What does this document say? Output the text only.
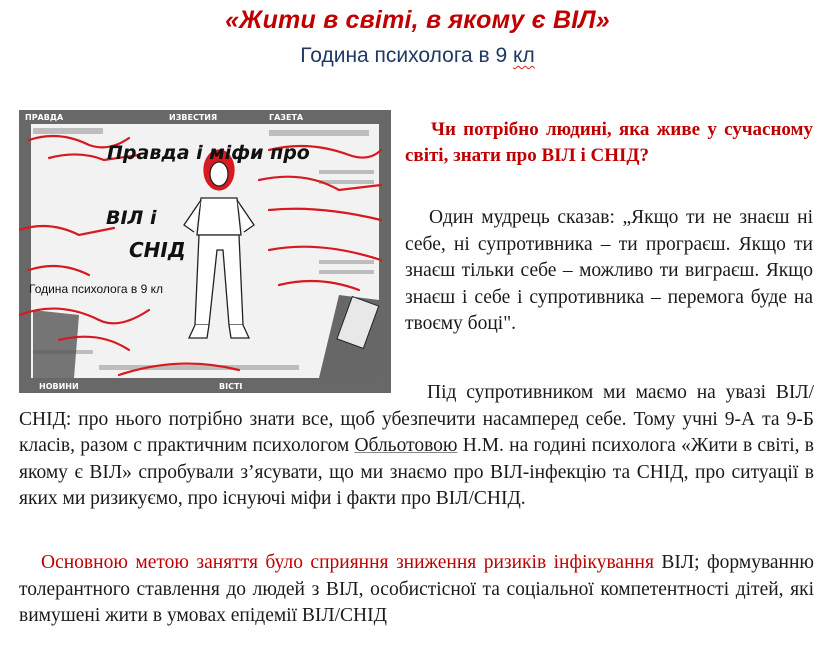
«Жити в світі, в якому є ВІЛ»
Година психолога в 9 кл
ПРАВДА	ИЗВЕСТИЯ	ГАЗЕТА
НОВИНИ	ВІСТІ
Правда і міфи про
ВІЛ і
СНІД
Година психолога в 9 кл
Чи потрібно людині, яка живе у сучасному світі, знати про ВІЛ і СНІД?
Один мудрець сказав: „Якщо ти не знаєш ні себе, ні супротивника – ти програєш. Якщо ти знаєш тільки себе – можливо ти виграєш. Якщо знаєш і себе і супротивника – перемога буде на твоєму боці".
Під супротивником ми маємо на увазі ВІЛ/СНІД: про нього потрібно знати все, щоб убезпечити насамперед себе. Тому учні 9-А та 9-Б класів, разом с практичним психологом Обльотовою Н.М. на годині психолога «Жити в світі, в якому є ВІЛ» спробували з’ясувати, що ми знаємо про ВІЛ-інфекцію та СНІД, про ситуації в яких ми ризикуємо, про існуючі міфи і факти про ВІЛ/СНІД.
Основною метою заняття було сприяння зниження ризиків інфікування ВІЛ; формуванню толерантного ставлення до людей з ВІЛ, особистісної та соціальної компетентності дітей, які вимушені жити в умовах епідемії ВІЛ/СНІД
